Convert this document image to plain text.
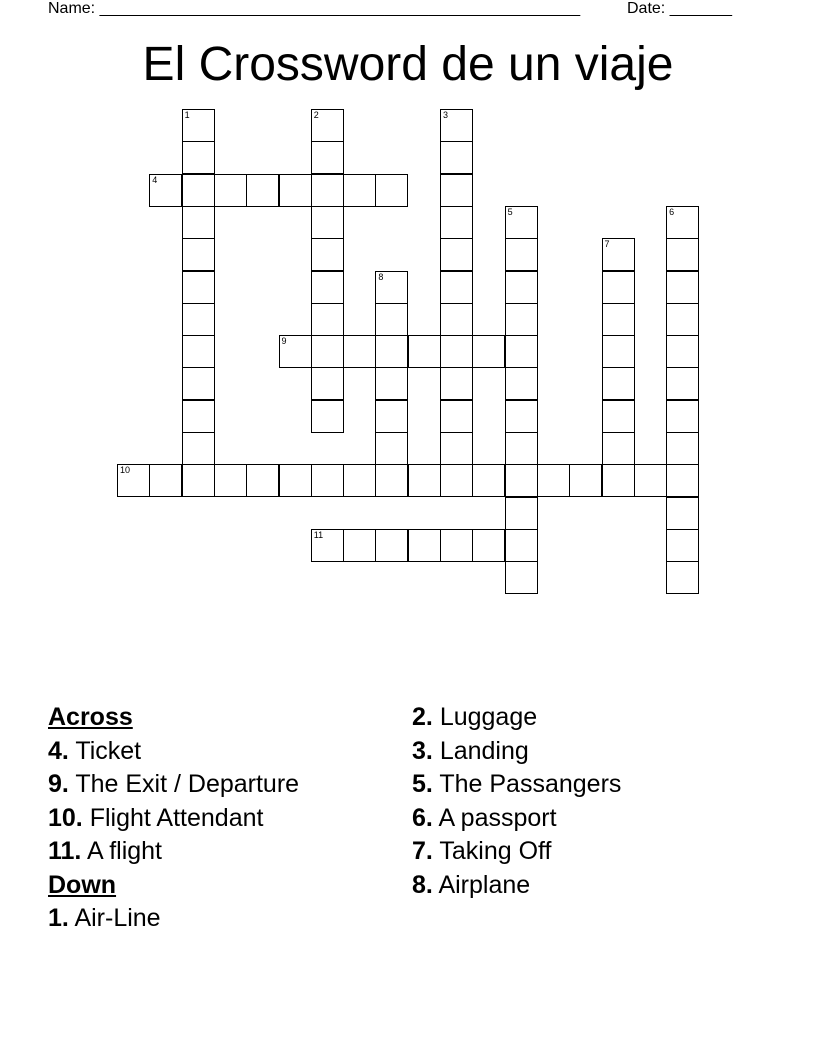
Name: ______________________________________________________	Date: _______
El Crossword de un viaje
1	2	3
4
5	6
7
8
9
10
11
Across
4. Ticket
9. The Exit / Departure
10. Flight Attendant
11. A flight
Down
1. Air-Line
2. Luggage
3. Landing
5. The Passangers
6. A passport
7. Taking Off
8. Airplane
